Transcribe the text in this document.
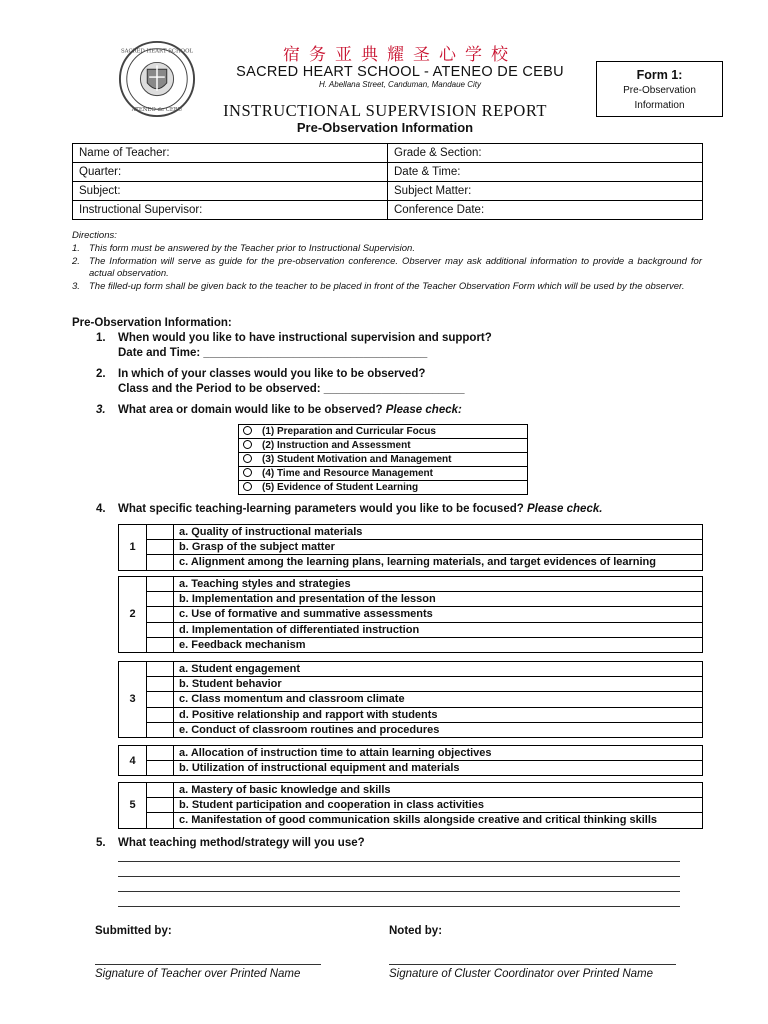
SACRED HEART SCHOOL
ATENEO de CEBU
宿务亚典耀圣心学校
SACRED HEART SCHOOL - ATENEO DE CEBU
H. Abellana Street, Canduman, Mandaue City
INSTRUCTIONAL SUPERVISION REPORT
Pre-Observation Information
Form 1:
Pre-Observation
Information
Name of Teacher:	Grade & Section:
Quarter:	Date & Time:
Subject:	Subject Matter:
Instructional Supervisor:	Conference Date:
Directions:
1. This form must be answered by the Teacher prior to Instructional Supervision.
2. The Information will serve as guide for the pre-observation conference. Observer may ask additional information to provide a background for actual observation.
3. The filled-up form shall be given back to the teacher to be placed in front of the Teacher Observation Form which will be used by the observer.
Pre-Observation Information:
1.	When would you like to have instructional supervision and support?
Date and Time: ___________________________________
2.	In which of your classes would you like to be observed?
Class and the Period to be observed: ______________________
3.	What area or domain would like to be observed? Please check:
(1) Preparation and Curricular Focus
(2) Instruction and Assessment
(3) Student Motivation and Management
(4) Time and Resource Management
(5) Evidence of Student Learning
4.	What specific teaching-learning parameters would you like to be focused? Please check.
1		a. Quality of instructional materials
		b. Grasp of the subject matter
		c. Alignment among the learning plans, learning materials, and target evidences of learning
2		a. Teaching styles and strategies
		b. Implementation and presentation of the lesson
		c. Use of formative and summative assessments
		d. Implementation of differentiated instruction
		e. Feedback mechanism
3		a. Student engagement
		b. Student behavior
		c. Class momentum and classroom climate
		d. Positive relationship and rapport with students
		e. Conduct of classroom routines and procedures
4		a. Allocation of instruction time to attain learning objectives
		b. Utilization of instructional equipment and materials
5		a. Mastery of basic knowledge and skills
		b. Student participation and cooperation in class activities
		c. Manifestation of good communication skills alongside creative and critical thinking skills
5.	What teaching method/strategy will you use?
Submitted by:	Noted by:
Signature of Teacher over Printed Name	Signature of Cluster Coordinator over Printed Name
